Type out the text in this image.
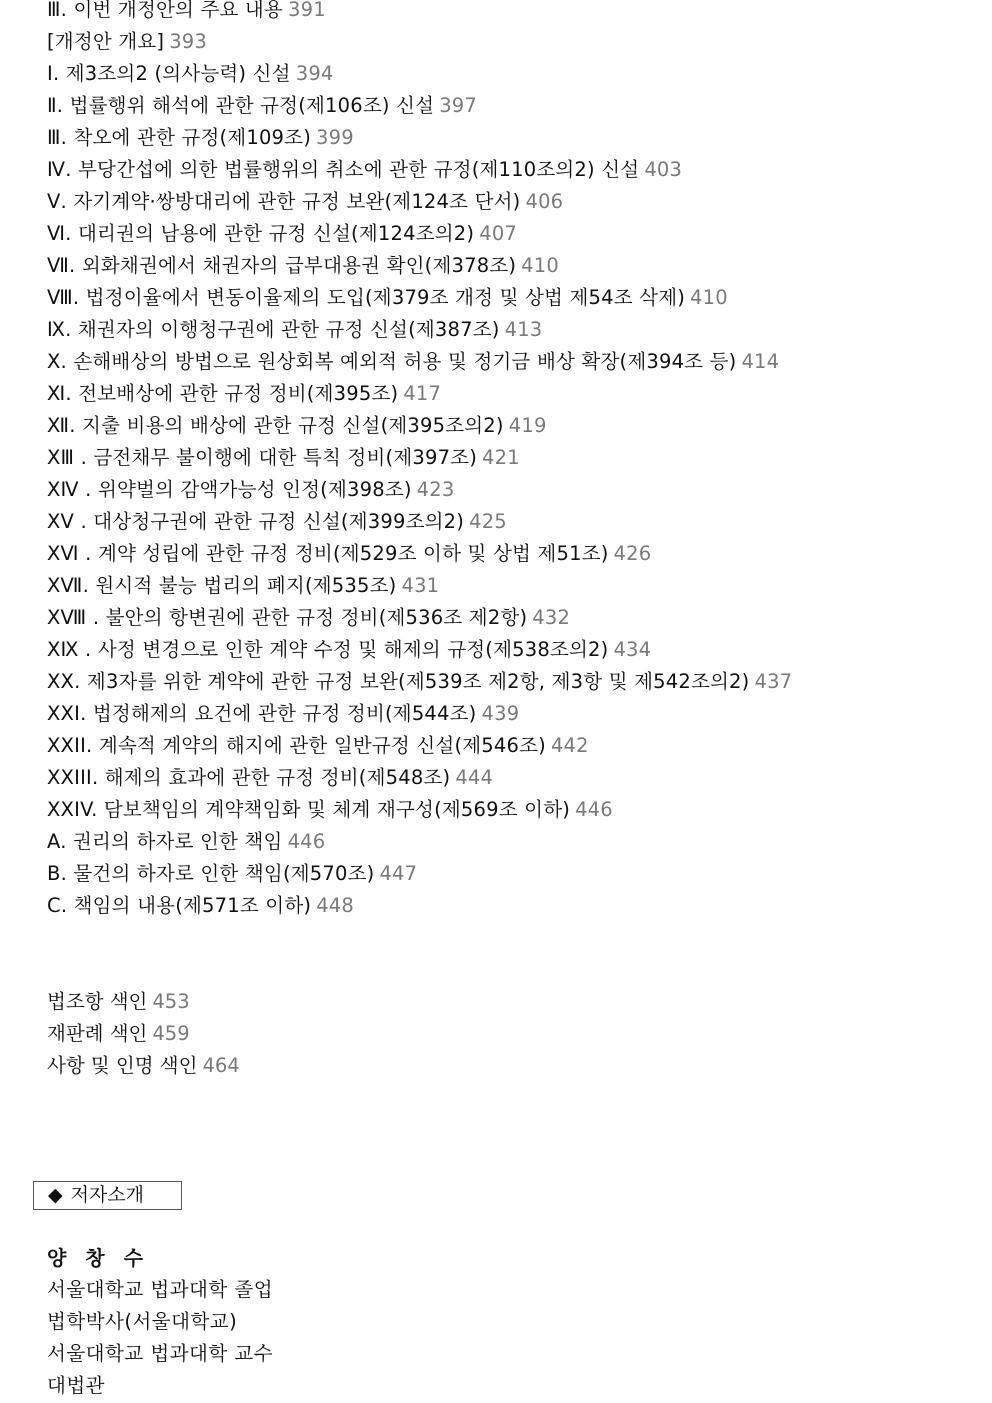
Ⅲ. 이번 개정안의 주요 내용 391
[개정안 개요] 393
Ⅰ. 제3조의2 (의사능력) 신설 394
Ⅱ. 법률행위 해석에 관한 규정(제106조) 신설 397
Ⅲ. 착오에 관한 규정(제109조) 399
Ⅳ. 부당간섭에 의한 법률행위의 취소에 관한 규정(제110조의2) 신설 403
Ⅴ. 자기계약·쌍방대리에 관한 규정 보완(제124조 단서) 406
Ⅵ. 대리권의 남용에 관한 규정 신설(제124조의2) 407
Ⅶ. 외화채권에서 채권자의 급부대용권 확인(제378조) 410
Ⅷ. 법정이율에서 변동이율제의 도입(제379조 개정 및 상법 제54조 삭제) 410
Ⅸ. 채권자의 이행청구권에 관한 규정 신설(제387조) 413
Ⅹ. 손해배상의 방법으로 원상회복 예외적 허용 및 정기금 배상 확장(제394조 등) 414
Ⅺ. 전보배상에 관한 규정 정비(제395조) 417
Ⅻ. 지출 비용의 배상에 관한 규정 신설(제395조의2) 419
ⅩⅢ . 금전채무 불이행에 대한 특칙 정비(제397조) 421
ⅩⅣ . 위약벌의 감액가능성 인정(제398조) 423
ⅩⅤ . 대상청구권에 관한 규정 신설(제399조의2) 425
ⅩⅥ . 계약 성립에 관한 규정 정비(제529조 이하 및 상법 제51조) 426
XⅦ. 원시적 불능 법리의 폐지(제535조) 431
ⅩⅧ . 불안의 항변권에 관한 규정 정비(제536조 제2항) 432
ⅩⅨ . 사정 변경으로 인한 계약 수정 및 해제의 규정(제538조의2) 434
XX. 제3자를 위한 계약에 관한 규정 보완(제539조 제2항, 제3항 및 제542조의2) 437
XXI. 법정해제의 요건에 관한 규정 정비(제544조) 439
XXII. 계속적 계약의 해지에 관한 일반규정 신설(제546조) 442
XXIII. 해제의 효과에 관한 규정 정비(제548조) 444
XXIV. 담보책임의 계약책임화 및 체계 재구성(제569조 이하) 446
A. 권리의 하자로 인한 책임 446
B. 물건의 하자로 인한 책임(제570조) 447
C. 책임의 내용(제571조 이하) 448
법조항 색인 453
재판례 색인 459
사항 및 인명 색인 464
◆ 저자소개
양 창 수
서울대학교 법과대학 졸업
법학박사(서울대학교)
서울대학교 법과대학 교수
대법관
